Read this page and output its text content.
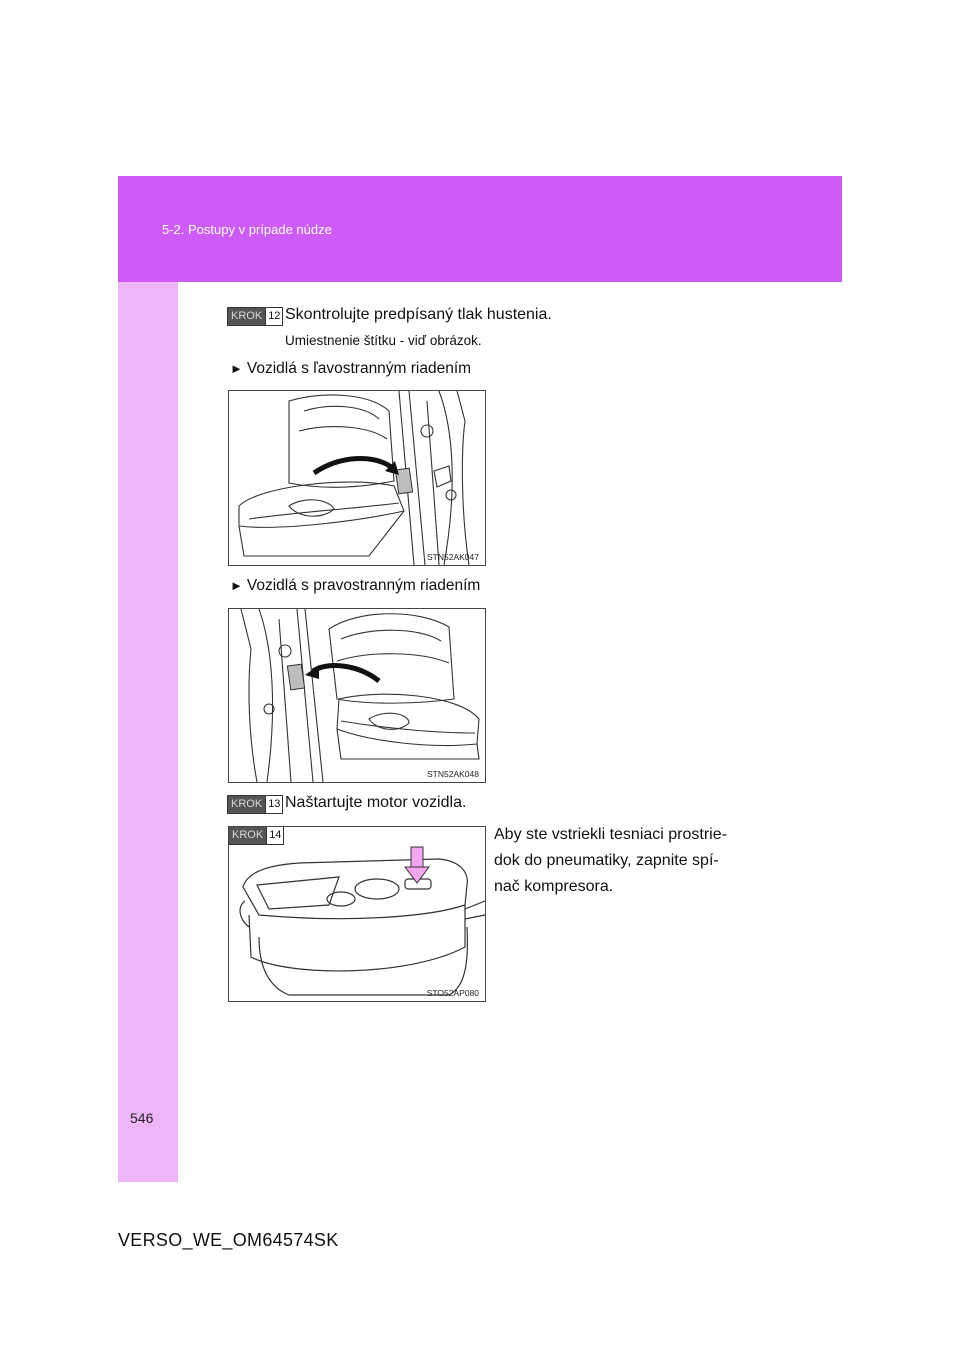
5-2. Postupy v prípade núdze
KROK 12 Skontrolujte predpísaný tlak hustenia.
Umiestnenie štítku - viď obrázok.
► Vozidlá s ľavostranným riadením
STN52AK047
► Vozidlá s pravostranným riadením
STN52AK048
KROK 13 Naštartujte motor vozidla.
KROK 14
STO52AP080
Aby ste vstriekli tesniaci prostrie-
dok do pneumatiky, zapnite spí-
nač kompresora.
546
VERSO_WE_OM64574SK
